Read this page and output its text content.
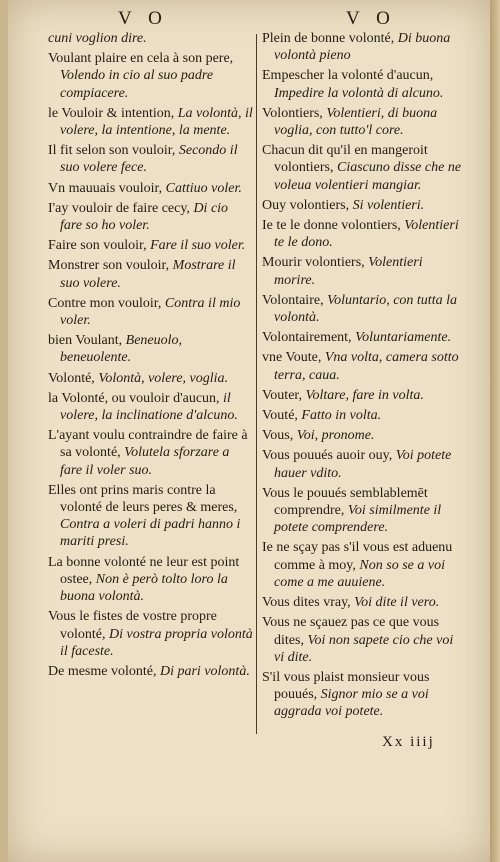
V O	V O

cuni voglion dire.

Voulant plaire en cela à son pere, Volendo in cio al suo padre compiacere.

le Vouloir & intention, La volontà, il volere, la intentione, la mente.

Il fit selon son vouloir, Secondo il suo volere fece.

Vn mauuais vouloir, Cattiuo voler.

I'ay vouloir de faire cecy, Di cio fare so ho voler.

Faire son vouloir, Fare il suo voler.

Monstrer son vouloir, Mostrare il suo volere.

Contre mon vouloir, Contra il mio voler.

bien Voulant, Beneuolo, beneuolente.

Volonté, Volontà, volere, voglia.

la Volonté, ou vouloir d'aucun, il volere, la inclinatione d'alcuno.

L'ayant voulu contraindre de faire à sa volonté, Volutela sforzare a fare il voler suo.

Elles ont prins maris contre la volonté de leurs peres & meres, Contra a voleri di padri hanno i mariti presi.

La bonne volonté ne leur est point ostee, Non è però tolto loro la buona volontà.

Vous le fistes de vostre propre volonté, Di vostra propria volontà il faceste.

De mesme volonté, Di pari volontà.

Plein de bonne volonté, Di buona volontà pieno

Empescher la volonté d'aucun, Impedire la volontà di alcuno.

Volontiers, Volentieri, di buona voglia, con tutto'l core.

Chacun dit qu'il en mangeroit volontiers, Ciascuno disse che ne voleua volentieri mangiar.

Ouy volontiers, Si volentieri.

Ie te le donne volontiers, Volentieri te le dono.

Mourir volontiers, Volentieri morire.

Volontaire, Voluntario, con tutta la volontà.

Volontairement, Voluntariamente.

vne Voute, Vna volta, camera sotto terra, caua.

Vouter, Voltare, fare in volta.

Vouté, Fatto in volta.

Vous, Voi, pronome.

Vous pouués auoir ouy, Voi potete hauer vdito.

Vous le pouués semblablemēt comprendre, Voi similmente il potete comprendere.

Ie ne sçay pas s'il vous est aduenu comme à moy, Non so se a voi come a me auuiene.

Vous dites vray, Voi dite il vero.

Vous ne sçauez pas ce que vous dites, Voi non sapete cio che voi vi dite.

S'il vous plaist monsieur vous pouués, Signor mio se a voi aggrada voi potete.

Xx iiij
